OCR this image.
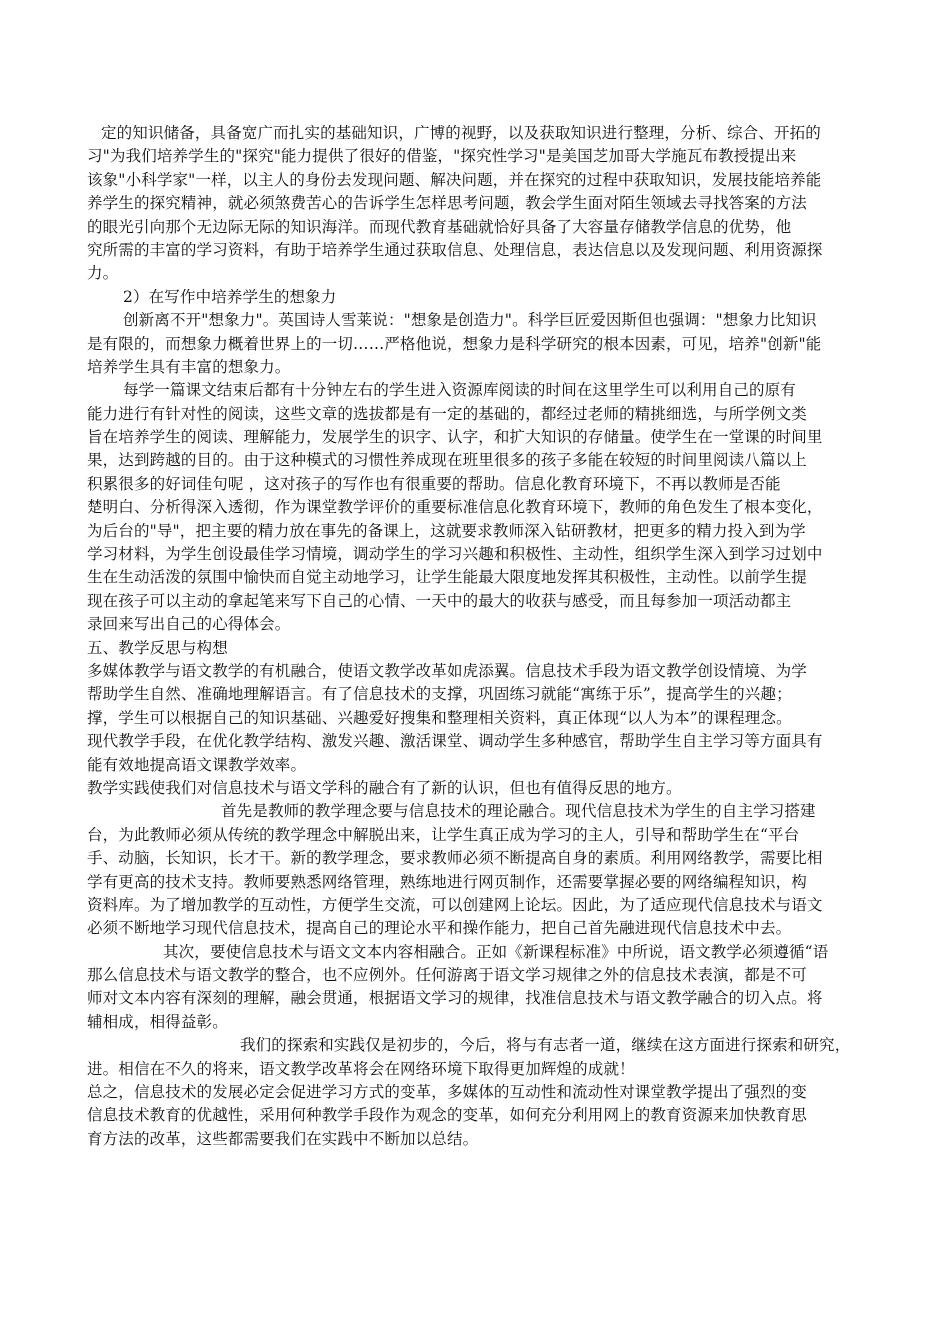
定的知识储备，具备宽广而扎实的基础知识，广博的视野，以及获取知识进行整理，分析、综合、开拓的
习"为我们培养学生的"探究"能力提供了很好的借鉴，"探究性学习"是美国芝加哥大学施瓦布教授提出来
该象"小科学家"一样，以主人的身份去发现问题、解决问题，并在探究的过程中获取知识，发展技能培养能
养学生的探究精神，就必须煞费苦心的告诉学生怎样思考问题，教会学生面对陌生领域去寻找答案的方法
的眼光引向那个无边际无际的知识海洋。而现代教育基础就恰好具备了大容量存储教学信息的优势，他
究所需的丰富的学习资料，有助于培养学生通过获取信息、处理信息，表达信息以及发现问题、利用资源探
力。
2）在写作中培养学生的想象力
创新离不开"想象力"。英国诗人雪莱说："想象是创造力"。科学巨匠爱因斯但也强调："想象力比知识
是有限的，而想象力概着世界上的一切……严格他说，想象力是科学研究的根本因素，可见，培养"创新"能
培养学生具有丰富的想象力。
每学一篇课文结束后都有十分钟左右的学生进入资源库阅读的时间在这里学生可以利用自己的原有
能力进行有针对性的阅读，这些文章的选拔都是有一定的基础的，都经过老师的精挑细选，与所学例文类
旨在培养学生的阅读、理解能力，发展学生的识字、认字，和扩大知识的存储量。使学生在一堂课的时间里
果，达到跨越的目的。由于这种模式的习惯性养成现在班里很多的孩子多能在较短的时间里阅读八篇以上
积累很多的好词佳句呢 ，这对孩子的写作也有很重要的帮助。信息化教育环境下，不再以教师是否能
楚明白、分析得深入透彻，作为课堂教学评价的重要标准信息化教育环境下，教师的角色发生了根本变化，
为后台的"导"，把主要的精力放在事先的备课上，这就要求教师深入钻研教材，把更多的精力投入到为学
学习材料，为学生创设最佳学习情境，调动学生的学习兴趣和积极性、主动性，组织学生深入到学习过划中
生在生动活泼的氛围中愉快而自觉主动地学习，让学生能最大限度地发挥其积极性，主动性。以前学生提
现在孩子可以主动的拿起笔来写下自己的心情、一天中的最大的收获与感受，而且每参加一项活动都主
录回来写出自己的心得体会。
五、教学反思与构想
多媒体教学与语文教学的有机融合，使语文教学改革如虎添翼。信息技术手段为语文教学创设情境、为学
帮助学生自然、准确地理解语言。有了信息技术的支撑，巩固练习就能“寓练于乐”，提高学生的兴趣；
撑，学生可以根据自己的知识基础、兴趣爱好搜集和整理相关资料，真正体现“以人为本”的课程理念。
现代教学手段，在优化教学结构、激发兴趣、激活课堂、调动学生多种感官，帮助学生自主学习等方面具有
能有效地提高语文课教学效率。
教学实践使我们对信息技术与语文学科的融合有了新的认识，但也有值得反思的地方。
首先是教师的教学理念要与信息技术的理论融合。现代信息技术为学生的自主学习搭建
台，为此教师必须从传统的教学理念中解脱出来，让学生真正成为学习的主人，引导和帮助学生在“平台
手、动脑，长知识，长才干。新的教学理念，要求教师必须不断提高自身的素质。利用网络教学，需要比相
学有更高的技术支持。教师要熟悉网络管理，熟练地进行网页制作，还需要掌握必要的网络编程知识，构
资料库。为了增加教学的互动性，方便学生交流，可以创建网上论坛。因此，为了适应现代信息技术与语文
必须不断地学习现代信息技术，提高自己的理论水平和操作能力，把自己首先融进现代信息技术中去。
其次，要使信息技术与语文文本内容相融合。正如《新课程标准》中所说，语文教学必须遵循“语
那么信息技术与语文教学的整合，也不应例外。任何游离于语文学习规律之外的信息技术表演，都是不可
师对文本内容有深刻的理解，融会贯通，根据语文学习的规律，找准信息技术与语文教学融合的切入点。将
辅相成，相得益彰。
我们的探索和实践仅是初步的，今后，将与有志者一道，继续在这方面进行探索和研究，
进。相信在不久的将来，语文教学改革将会在网络环境下取得更加辉煌的成就！
总之，信息技术的发展必定会促进学习方式的变革，多媒体的互动性和流动性对课堂教学提出了强烈的变
信息技术教育的优越性，采用何种教学手段作为观念的变革，如何充分利用网上的教育资源来加快教育思
育方法的改革，这些都需要我们在实践中不断加以总结。
